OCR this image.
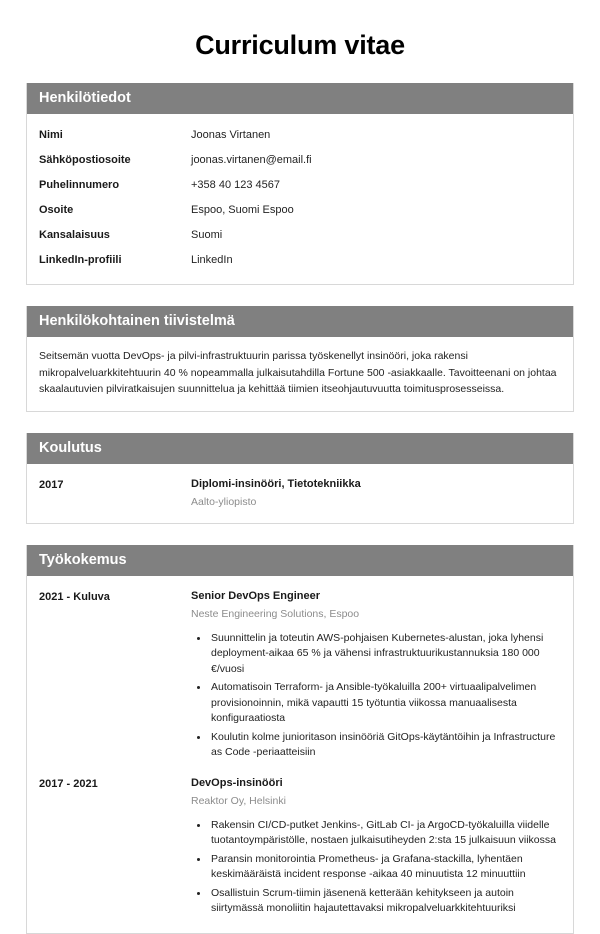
Curriculum vitae
Henkilötiedot
Nimi	Joonas Virtanen
Sähköpostiosoite	joonas.virtanen@email.fi
Puhelinnumero	+358 40 123 4567
Osoite	Espoo, Suomi Espoo
Kansalaisuus	Suomi
LinkedIn-profiili	LinkedIn
Henkilökohtainen tiivistelmä

Seitsemän vuotta DevOps- ja pilvi-infrastruktuurin parissa työskenellyt insinööri, joka rakensi mikropalveluarkkitehtuurin 40 % nopeammalla julkaisutahdilla Fortune 500 -asiakkaalle. Tavoitteenani on johtaa skaalautuvien pilviratkaisujen suunnittelua ja kehittää tiimien itseohjautuvuutta toimitusprosesseissa.

Koulutus
2017	Diplomi-insinööri, Tietotekniikka
Aalto-yliopisto
Työkokemus
2021 - Kuluva	Senior DevOps Engineer
Neste Engineering Solutions, Espoo
• Suunnittelin ja toteutin AWS-pohjaisen Kubernetes-alustan, joka lyhensi deployment-aikaa 65 % ja vähensi infrastruktuurikustannuksia 180 000 €/vuosi
• Automatisoin Terraform- ja Ansible-työkaluilla 200+ virtuaalipalvelimen provisionoinnin, mikä vapautti 15 työtuntia viikossa manuaalisesta konfiguraatiosta
• Koulutin kolme junioritason insinööriä GitOps-käytäntöihin ja Infrastructure as Code -periaatteisiin
2017 - 2021	DevOps-insinööri
Reaktor Oy, Helsinki
• Rakensin CI/CD-putket Jenkins-, GitLab CI- ja ArgoCD-työkaluilla viidelle tuotantoympäristölle, nostaen julkaisutiheyden 2:sta 15 julkaisuun viikossa
• Paransin monitorointia Prometheus- ja Grafana-stackilla, lyhentäen keskimääräistä incident response -aikaa 40 minuutista 12 minuuttiin
• Osallistuin Scrum-tiimin jäsenenä ketterään kehitykseen ja autoin siirtymässä monoliitin hajautettavaksi mikropalveluarkkitehtuuriksi
